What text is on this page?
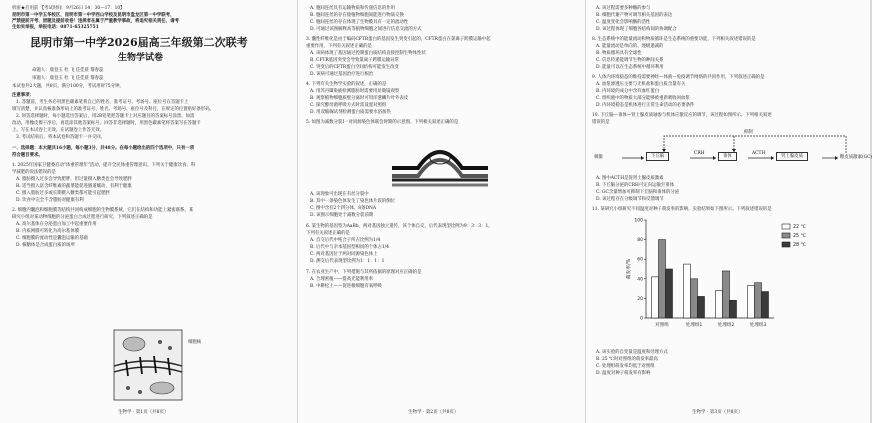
机密★启用前 【考试时间：9月26日 14：30—17：10】
昆明市第一中学五华校区、昆明市第一中学西山学校及昆明市盘龙区第一中学联考，
严禁提前开考、泄题及提前收卷！违规者在属于严重教学事故，将追究相关责任，请考
生如实举报，举报电话：0871-65325751
昆明市第一中学2026届高三年级第二次联考
生物学试卷
命题人：康登玉 杜 飞 任佳晨 黎春蕊
审题人：康登玉 杜 飞 任佳晨 黎春蕊
本试卷共2大题，共8页。满分100分，考试用时75分钟。
注意事项：
1. 答题前，考生务必用黑色碳素笔将自己的姓名、准考证号、考场号、座位号在答题卡上
填写清楚，并认真核准条形码上的准考证号、姓名、考场号、座位号及科目，在规定的位置贴好条形码。
2. 回答选择题时，每小题选出答案后，用2B铅笔把答题卡上对应题目的答案标号涂黑。如需
改动，用橡皮擦干净后，再选涂其他答案标号。回答非选择题时，用黑色碳素笔将答案写在答题卡
上。写在本试卷上无效。在试题卷上作答无效。
3. 考试结束后，将本试卷和答题卡一并交回。
一、选择题：本大题共16小题，每小题3分，共48分。在每小题给出的四个选项中，只有一项
符合题目要求。
1. 2025年国家卫健委启动"体重管理年"活动，提升全民体重管理意识。下列关于健康饮食、科
学减肥的说法错误的是
A. 脂肪摄入过多会导致肥胖，但过量摄入糖类也会导致肥胖
B. 适当摄入富含纤维素的蔬菜能促进肠道蠕动，有利于健康
C. 摄入脂肪过多或长期摄入糖类都可能引起肥胖
D. 饮食中完全不含脂肪对健康有利
2. 细胞内囊泡和细胞膜等结构共同构成细胞的生物膜系统，它们在结构和功能上紧密联系。某
研究小组对某动物细胞的分泌蛋白合成过程进行研究，下列叙述正确的是
A. 高尔基体在分泌蛋白加工中起重要作用
B. 内质网膜可转化为高尔基体膜
C. 细胞膜的流动性是囊泡运输的基础
D. 核糖体是合成蛋白质的场所
细胞核
生物学 · 第1页（共8页）
A. 胞间连丝具有运输物质和传递信息的作用
B. 胞间连丝的存在使植物细胞间能进行物质交换
C. 胞间连丝的存在体现了生物膜具有一定的流动性
D. 可通过该图解释高等植物细胞之间进行信息交流的方式
3. 囊性纤维化是由于编码CFTR蛋白的基因发生突变引起的，CFTR蛋白在氯离子跨膜运输中起
重要作用，下列有关叙述正确的是
A. 该病体现了基因通过控制蛋白质结构直接控制生物体性状
B. CFTR基因突变会导致氯离子跨膜运输异常
C. 突变后的CFTR蛋白空间结构可能发生改变
D. 该病可通过基因治疗进行根治
4. 下列有关生物学实验的叙述，正确的是
A. 用苏丹Ⅲ染液检测脂肪时需要用显微镜观察
B. 观察植物细胞质壁分离时可用洋葱鳞片叶外表皮
C. 探究酵母菌呼吸方式时需设置对照组
D. 用双缩脲试剂检测蛋白质需要水浴加热
5. 如图为减数分裂I一对同源染色体联会时期的示意图。下列相关叙述正确的是
A. 该现象可出现在有丝分裂中
B. 其中一条染色体发生了染色体片段的倒位
C. 图中含有2个四分体、8条DNA
D. 该图示细胞处于减数分裂前期
6. 某生物的基因型为AaBb，两对基因独立遗传，该个体自交，后代表现型比例为9：3：3：1。
下列有关叙述正确的是
A. 自交后代中纯合子所占比例为1/4
B. 后代中与亲本基因型相同的个体占1/4
C. 两对基因位于两对同源染色体上
D. 测交后代表现型比例为1：1：1：1
7. 在农业生产中，下列措施与其所依据的原理对应正确的是
A. 合理密植——提高光能利用率
B. 中耕松土——促进根细胞有氧呼吸
生物学 · 第2页（共8页）
A. 该过程需要多种酶的参与
B. 细胞代谢产物可调节相关基因的表达
C. 温度变化会影响酶的活性
D. 该过程体现了细胞各结构间的协调配合
8. 生态系统中的能量流动和物质循环是生态系统的重要功能，下列相关叙述错误的是
A. 能量流动是单向的、逐级递减的
B. 物质循环具有全球性
C. 信息传递能调节生物的种间关系
D. 能量可以在生态系统中循环利用
9. 人体内环境稳态的维持需要神经—体液—免疫调节网络的共同作用，下列叙述正确的是
A. 血浆渗透压主要与无机盐和蛋白质含量有关
B. 内环境的成分中含有血红蛋白
C. 组织液中的物质大部分能够被重新吸收回血浆
D. 内环境稳态是机体进行正常生命活动的必要条件
10. 下丘脑—垂体—肾上腺皮质轴参与机体应激反应的调节，该过程如图所示。下列相关叙述
错误的是
刺激
抑制
下丘脑
CRH
垂体
ACTH
肾上腺皮质	糖皮质激素(GC)
A. 图中ACTH是促肾上腺皮质激素
B. 下丘脑分泌的CRH可定向运输至垂体
C. GC含量增加可抑制下丘脑和垂体的分泌
D. 该过程存在分级调节和反馈调节
11. 某研究小组研究不同温度对种子萌发率的影响，实验结果如下图所示。下列叙述错误的是
0
20
40
60
80
100
萌发率/%
对照组	处理组1	处理组2	处理组3
22 ℃
25 ℃
28 ℃
A. 该实验的自变量是温度和处理方式
B. 25 ℃时对照组的萌发率最高
C. 处理组萌发率均低于对照组
D. 温度对种子萌发率有影响
生物学 · 第3页（共8页）
